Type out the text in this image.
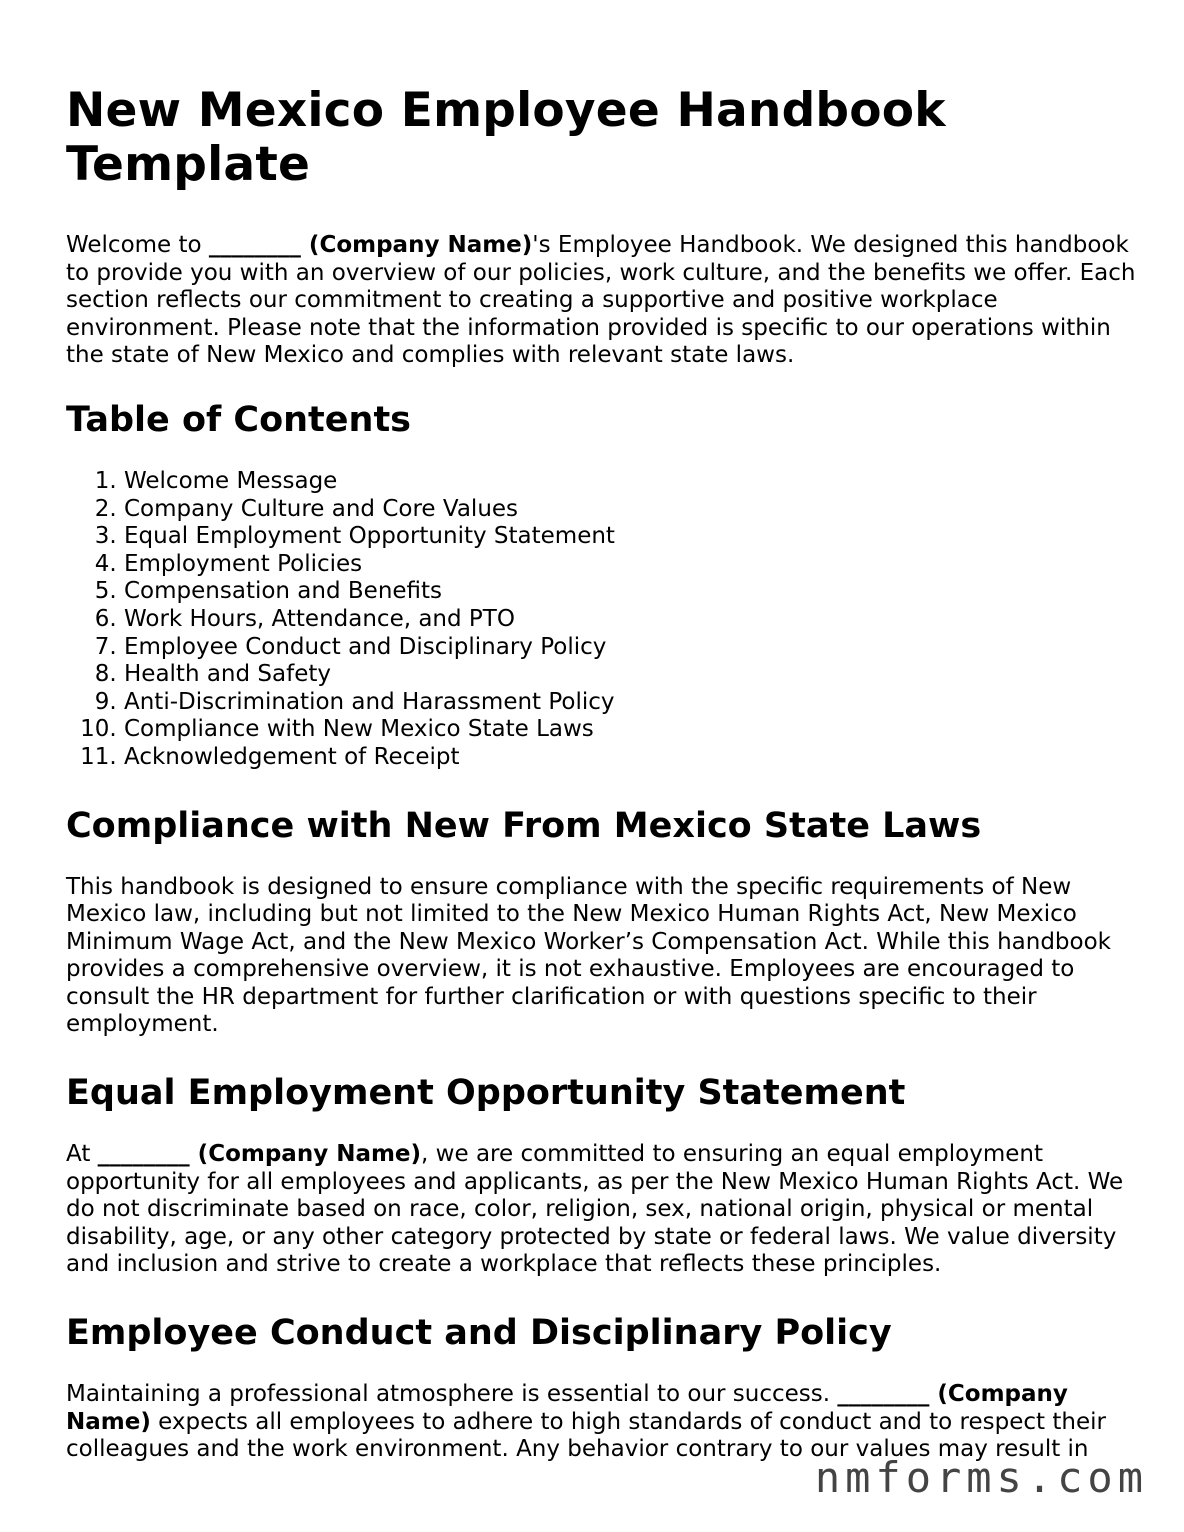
New Mexico Employee Handbook Template

Welcome to ________ (Company Name)'s Employee Handbook. We designed this handbook to provide you with an overview of our policies, work culture, and the benefits we offer. Each section reflects our commitment to creating a supportive and positive workplace environment. Please note that the information provided is specific to our operations within the state of New Mexico and complies with relevant state laws.

Table of Contents
1. Welcome Message
2. Company Culture and Core Values
3. Equal Employment Opportunity Statement
4. Employment Policies
5. Compensation and Benefits
6. Work Hours, Attendance, and PTO
7. Employee Conduct and Disciplinary Policy
8. Health and Safety
9. Anti-Discrimination and Harassment Policy
10. Compliance with New Mexico State Laws
11. Acknowledgement of Receipt
Compliance with New From Mexico State Laws

This handbook is designed to ensure compliance with the specific requirements of New Mexico law, including but not limited to the New Mexico Human Rights Act, New Mexico Minimum Wage Act, and the New Mexico Worker’s Compensation Act. While this handbook provides a comprehensive overview, it is not exhaustive. Employees are encouraged to consult the HR department for further clarification or with questions specific to their employment.

Equal Employment Opportunity Statement

At ________ (Company Name), we are committed to ensuring an equal employment opportunity for all employees and applicants, as per the New Mexico Human Rights Act. We do not discriminate based on race, color, religion, sex, national origin, physical or mental disability, age, or any other category protected by state or federal laws. We value diversity and inclusion and strive to create a workplace that reflects these principles.

Employee Conduct and Disciplinary Policy

Maintaining a professional atmosphere is essential to our success. ________ (Company Name) expects all employees to adhere to high standards of conduct and to respect their colleagues and the work environment. Any behavior contrary to our values may result in

nmforms.com
